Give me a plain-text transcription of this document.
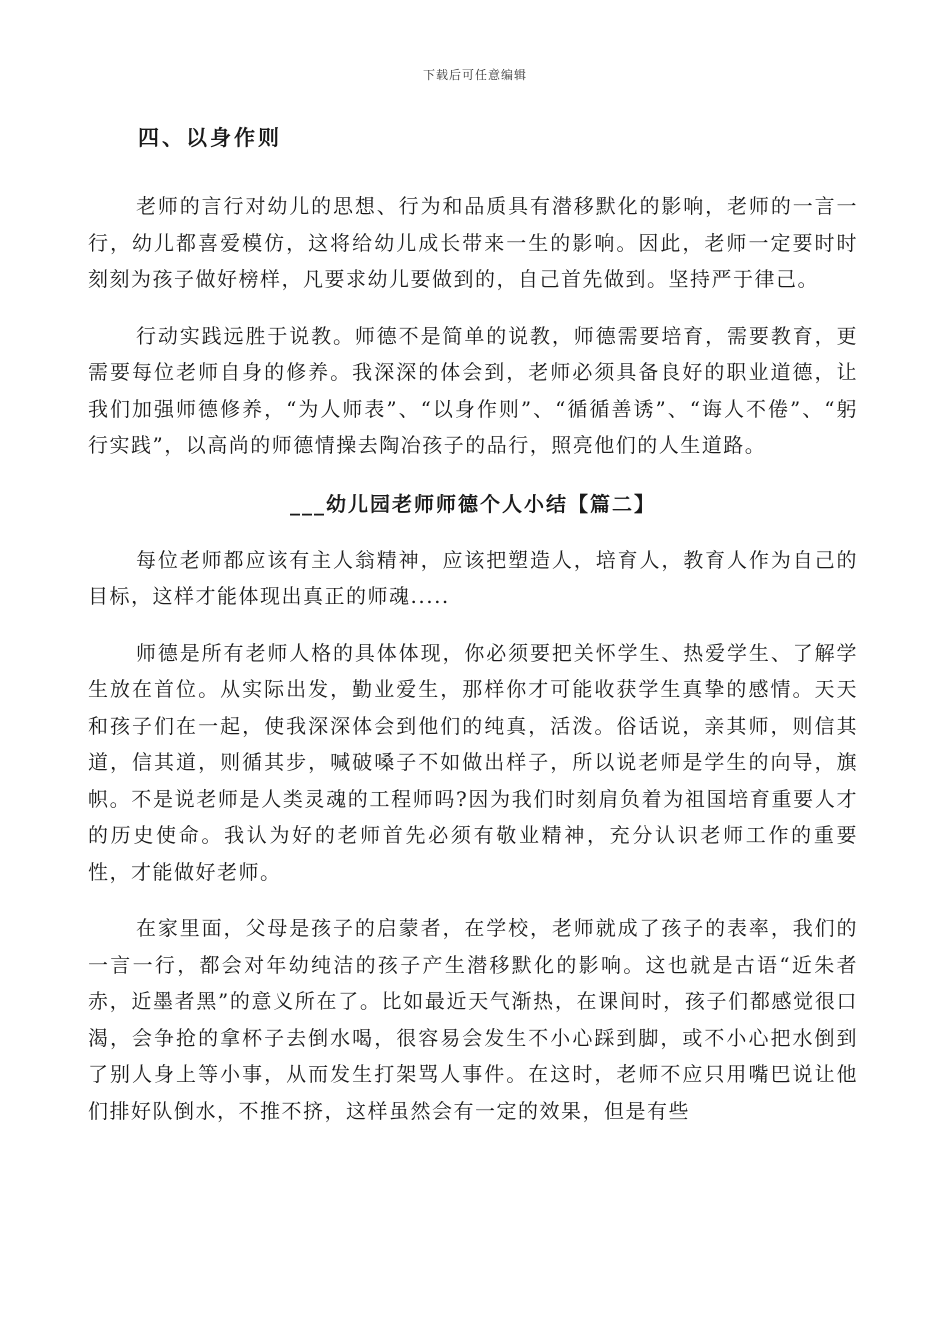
下载后可任意编辑
四、以身作则

老师的言行对幼儿的思想、行为和品质具有潜移默化的影响，老师的一言一行，幼儿都喜爱模仿，这将给幼儿成长带来一生的影响。因此，老师一定要时时刻刻为孩子做好榜样，凡要求幼儿要做到的，自己首先做到。坚持严于律己。

行动实践远胜于说教。师德不是简单的说教，师德需要培育，需要教育，更需要每位老师自身的修养。我深深的体会到，老师必须具备良好的职业道德，让我们加强师德修养，“为人师表”、“以身作则”、“循循善诱”、“诲人不倦”、“躬行实践”，以高尚的师德情操去陶冶孩子的品行，照亮他们的人生道路。

___幼儿园老师师德个人小结【篇二】

每位老师都应该有主人翁精神，应该把塑造人，培育人，教育人作为自己的目标，这样才能体现出真正的师魂.....

师德是所有老师人格的具体体现，你必须要把关怀学生、热爱学生、了解学生放在首位。从实际出发，勤业爱生，那样你才可能收获学生真挚的感情。天天和孩子们在一起，使我深深体会到他们的纯真，活泼。俗话说，亲其师，则信其道，信其道，则循其步，喊破嗓子不如做出样子，所以说老师是学生的向导，旗帜。不是说老师是人类灵魂的工程师吗?因为我们时刻肩负着为祖国培育重要人才的历史使命。我认为好的老师首先必须有敬业精神，充分认识老师工作的重要性，才能做好老师。

在家里面，父母是孩子的启蒙者，在学校，老师就成了孩子的表率，我们的一言一行，都会对年幼纯洁的孩子产生潜移默化的影响。这也就是古语“近朱者赤，近墨者黑”的意义所在了。比如最近天气渐热，在课间时，孩子们都感觉很口渴，会争抢的拿杯子去倒水喝，很容易会发生不小心踩到脚，或不小心把水倒到了别人身上等小事，从而发生打架骂人事件。在这时，老师不应只用嘴巴说让他们排好队倒水，不推不挤，这样虽然会有一定的效果，但是有些
